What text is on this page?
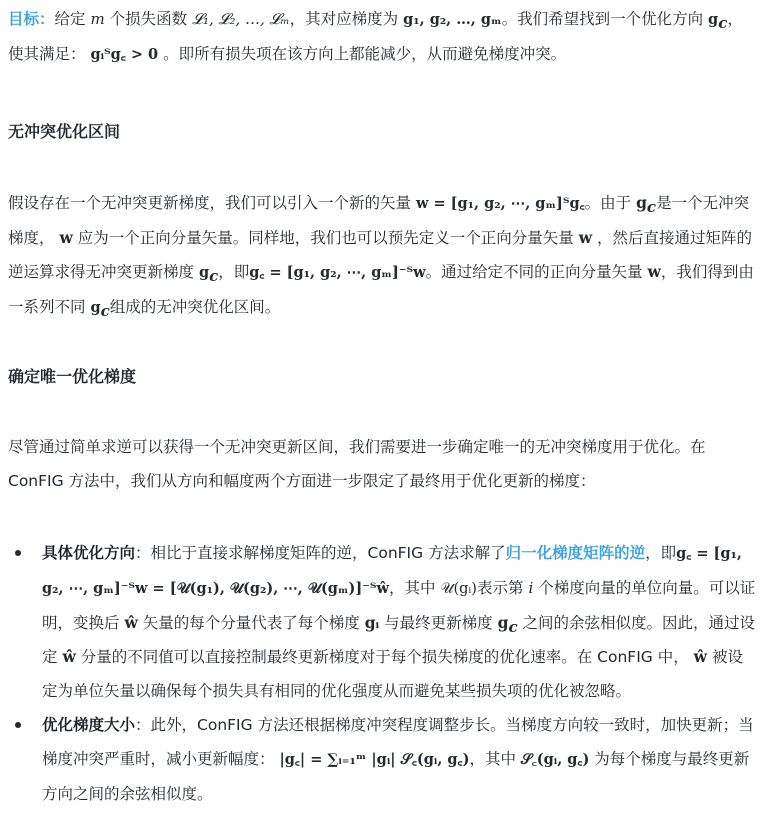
目标：给定 m 个损失函数 𝓛₁, 𝓛₂, …, 𝓛ₘ，其对应梯度为 g₁, g₂, …, gₘ。我们希望找到一个优化方向 $g_c$，使其满足： gᵢᵀg꜀ > 0 。即所有损失项在该方向上都能减少，从而避免梯度冲突。

无冲突优化区间

假设存在一个无冲突更新梯度，我们可以引入一个新的矢量 w = [g₁, g₂, ⋯, gₘ]ᵀg꜀。由于 $g_c$是一个无冲突梯度， w 应为一个正向分量矢量。同样地，我们也可以预先定义一个正向分量矢量 w ，然后直接通过矩阵的逆运算求得无冲突更新梯度 $g_c$，即g꜀ = [g₁, g₂, ⋯, gₘ]⁻ᵀw。通过给定不同的正向分量矢量 w，我们得到由一系列不同 $g_c$组成的无冲突优化区间。

确定唯一优化梯度

尽管通过简单求逆可以获得一个无冲突更新区间，我们需要进一步确定唯一的无冲突梯度用于优化。在 ConFIG 方法中，我们从方向和幅度两个方面进一步限定了最终用于优化更新的梯度：

具体优化方向：相比于直接求解梯度矩阵的逆，ConFIG 方法求解了归一化梯度矩阵的逆，即g꜀ = [g₁, g₂, ⋯, gₘ]⁻ᵀw = [𝒰(g₁), 𝒰(g₂), ⋯, 𝒰(gₘ)]⁻ᵀŵ，其中 𝒰(gᵢ)表示第 i 个梯度向量的单位向量。可以证明，变换后 ŵ 矢量的每个分量代表了每个梯度 gᵢ 与最终更新梯度 $g_c$ 之间的余弦相似度。因此，通过设定 ŵ 分量的不同值可以直接控制最终更新梯度对于每个损失梯度的优化速率。在 ConFIG 中， ŵ 被设定为单位矢量以确保每个损失具有相同的优化强度从而避免某些损失项的优化被忽略。
优化梯度大小：此外，ConFIG 方法还根据梯度冲突程度调整步长。当梯度方向较一致时，加快更新；当梯度冲突严重时，减小更新幅度： |g꜀| = ∑ᵢ₌₁ᵐ |gᵢ| 𝒮꜀(gᵢ, g꜀)，其中 𝒮꜀(gᵢ, g꜀) 为每个梯度与最终更新方向之间的余弦相似度。
